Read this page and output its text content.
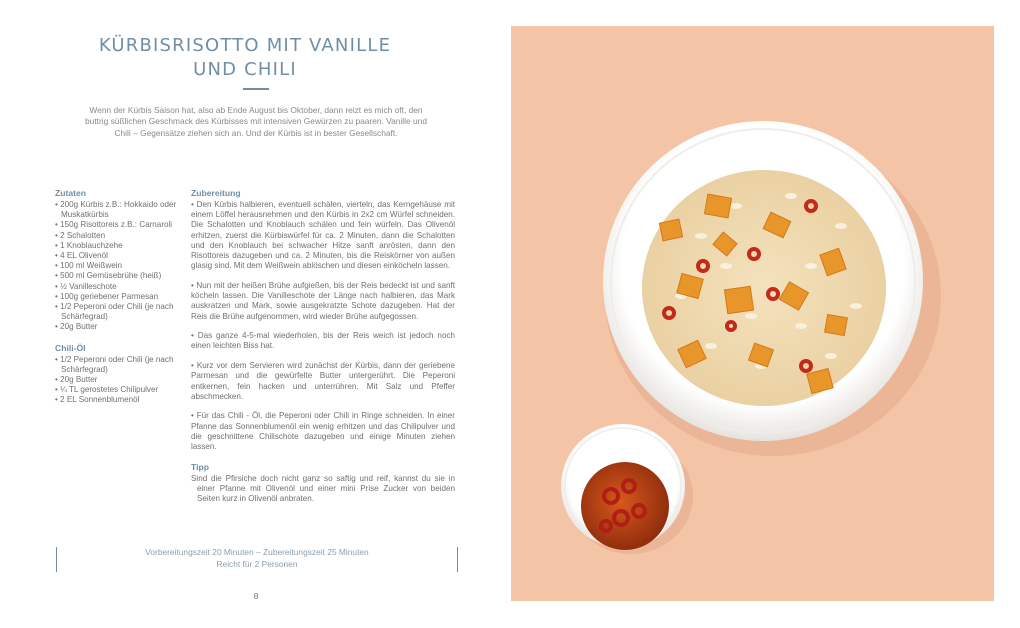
KÜRBISRISOTTO MIT VANILLE
UND CHILI
Wenn der Kürbis Saison hat, also ab Ende August bis Oktober, dann reizt es mich oft, den buttrig süßlichen Geschmack des Kürbisses mit intensiven Gewürzen zu paaren. Vanille und Chili – Gegensätze ziehen sich an. Und der Kürbis ist in bester Gesellschaft.
Zutaten
• 200g Kürbis z.B.: Hokkaido oder Muskatkürbis
• 150g Risottoreis z.B.: Carnaroli
• 2 Schalotten
• 1 Knoblauchzehe
• 4 EL Olivenöl
• 100 ml Weißwein
• 500 ml Gemüsebrühe (heiß)
• ½ Vanilleschote
• 100g geriebener Parmesan
• 1/2 Peperoni oder Chili (je nach Schärfegrad)
• 20g Butter
Chili-Öl
• 1/2 Peperoni oder Chili (je nach Schärfegrad)
• 20g Butter
• ¼ TL gerostetes Chilipulver
• 2 EL Sonnenblumenöl
Zubereitung

• Den Kürbis halbieren, eventuell schälen, vierteln, das Kerngehäuse mit einem Löffel herausnehmen und den Kürbis in 2x2 cm Würfel schneiden. Die Schalotten und Knoblauch schälen und fein würfeln. Das Olivenöl erhitzen, zuerst die Kürbiswürfel für ca. 2 Minuten, dann die Schalotten und den Knoblauch bei schwacher Hitze sanft anrösten, dann den Risottoreis dazugeben und ca. 2 Minuten, bis die Reiskörner von außen glasig sind. Mit dem Weißwein ablöschen und diesen einköcheln lassen.

• Nun mit der heißen Brühe aufgießen, bis der Reis bedeckt ist und sanft köcheln lassen. Die Vanilleschote der Länge nach halbieren, das Mark auskratzen und Mark, sowie ausgekratzte Schote dazugeben. Hat der Reis die Brühe aufgenommen, wird wieder Brühe aufgegossen.

• Das ganze 4-5-mal wiederholen, bis der Reis weich ist jedoch noch einen leichten Biss hat.

• Kurz vor dem Servieren wird zunächst der Kürbis, dann der geriebene Parmesan und die gewürfelte Butter untergerührt. Die Peperoni entkernen, fein hacken und unterrühren. Mit Salz und Pfeffer abschmecken.

• Für das Chili - Öl, die Peperoni oder Chili in Ringe schneiden. In einer Pfanne das Sonnenblumenöl ein wenig erhitzen und das Chilipulver und die geschnittene Chilischote dazugeben und einige Minuten ziehen lassen.

Tipp
Sind die Pfirsiche doch nicht ganz so saftig und reif, kannst du sie in einer Pfanne mit Olivenöl und einer mini Prise Zucker von beiden Seiten kurz in Olivenöl anbraten.
Vorbereitungszeit 20 Minuten – Zubereitungszeit 25 Minuten
Reicht für 2 Personen
8
